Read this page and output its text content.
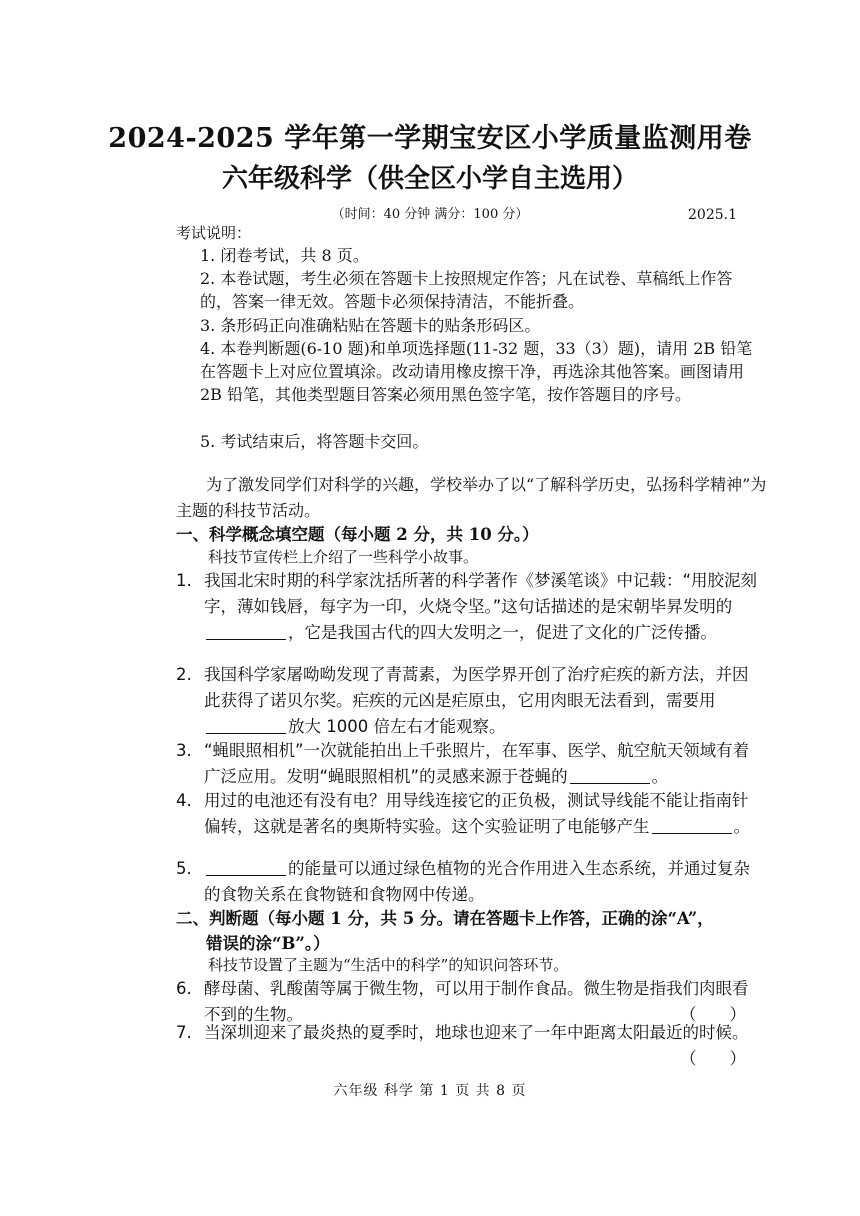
2024-2025 学年第一学期宝安区小学质量监测用卷
六年级科学（供全区小学自主选用）
（时间：40 分钟 满分：100 分）	2025.1
考试说明：
1. 闭卷考试，共 8 页。
2. 本卷试题，考生必须在答题卡上按照规定作答；凡在试卷、草稿纸上作答的，答案一律无效。答题卡必须保持清洁，不能折叠。
3. 条形码正向准确粘贴在答题卡的贴条形码区。
4. 本卷判断题(6-10 题)和单项选择题(11-32 题，33（3）题)，请用 2B 铅笔在答题卡上对应位置填涂。改动请用橡皮擦干净，再选涂其他答案。画图请用 2B 铅笔，其他类型题目答案必须用黑色签字笔，按作答题目的序号。
5. 考试结束后，将答题卡交回。
为了激发同学们对科学的兴趣，学校举办了以“了解科学历史，弘扬科学精神”为主题的科技节活动。
一、科学概念填空题（每小题 2 分，共 10 分。）
科技节宣传栏上介绍了一些科学小故事。
1. 我国北宋时期的科学家沈括所著的科学著作《梦溪笔谈》中记载：“用胶泥刻字，薄如钱唇，每字为一印，火烧令坚。”这句话描述的是宋朝毕昇发明的，它是我国古代的四大发明之一，促进了文化的广泛传播。
2. 我国科学家屠呦呦发现了青蒿素，为医学界开创了治疗疟疾的新方法，并因此获得了诺贝尔奖。疟疾的元凶是疟原虫，它用肉眼无法看到，需要用放大 1000 倍左右才能观察。
3. “蝇眼照相机”一次就能拍出上千张照片，在军事、医学、航空航天领域有着广泛应用。发明“蝇眼照相机”的灵感来源于苍蝇的	。
4. 用过的电池还有没有电？用导线连接它的正负极，测试导线能不能让指南针偏转，这就是著名的奥斯特实验。这个实验证明了电能够产生	。
5.	的能量可以通过绿色植物的光合作用进入生态系统，并通过复杂的食物关系在食物链和食物网中传递。
二、判断题（每小题 1 分，共 5 分。请在答题卡上作答，正确的涂“A”，
错误的涂“B”。）
科技节设置了主题为“生活中的科学”的知识问答环节。
6. 酵母菌、乳酸菌等属于微生物，可以用于制作食品。微生物是指我们肉眼看不到的生物。	（　　）
7. 当深圳迎来了最炎热的夏季时，地球也迎来了一年中距离太阳最近的时候。
（　　）
六年级 科学 第 1 页 共 8 页
